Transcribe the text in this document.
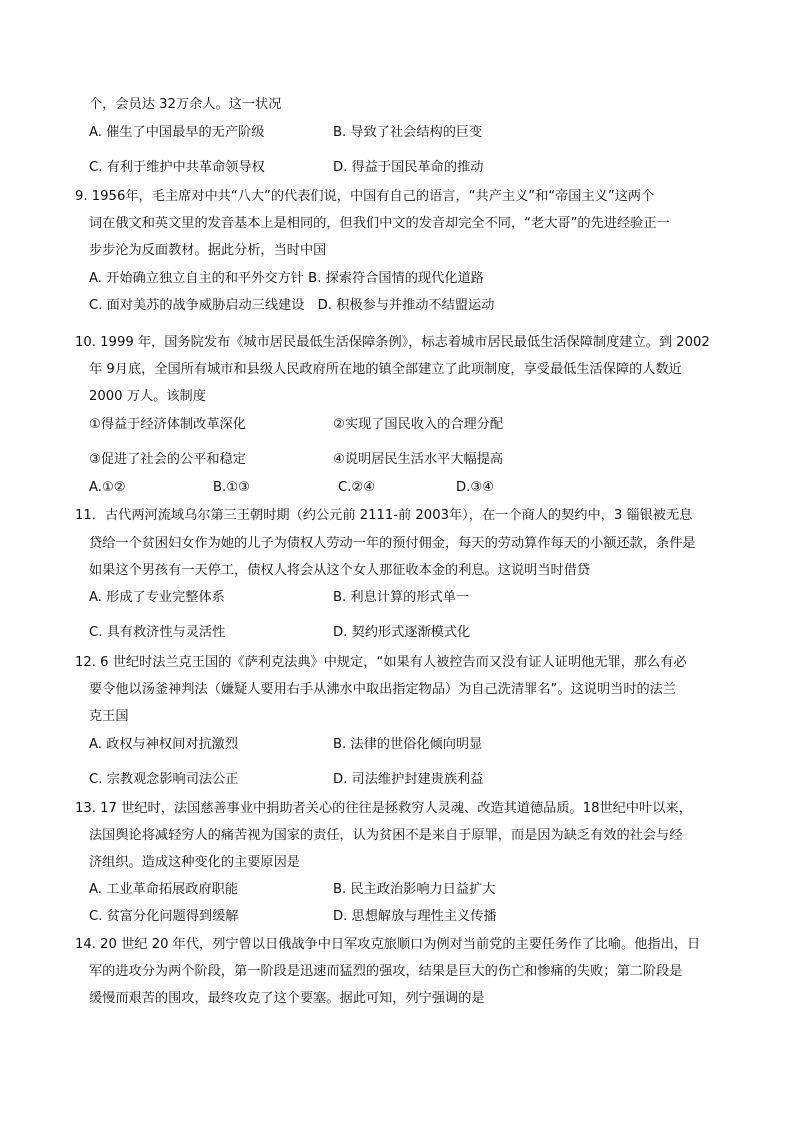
个，会员达 32万余人。这一状况
A. 催生了中国最早的无产阶级	B. 导致了社会结构的巨变
C. 有利于维护中共革命领导权	D. 得益于国民革命的推动
9. 1956年，毛主席对中共“八大”的代表们说，中国有自己的语言，“共产主义”和“帝国主义”这两个
词在俄文和英文里的发音基本上是相同的，但我们中文的发音却完全不同，“老大哥”的先进经验正一
步步沦为反面教材。据此分析，当时中国
A. 开始确立独立自主的和平外交方针 B. 探索符合国情的现代化道路
C. 面对美苏的战争威胁启动三线建设　D. 积极参与并推动不结盟运动
10. 1999 年，国务院发布《城市居民最低生活保障条例》，标志着城市居民最低生活保障制度建立。到 2002
年 9月底，全国所有城市和县级人民政府所在地的镇全部建立了此项制度，享受最低生活保障的人数近
2000 万人。该制度
①得益于经济体制改革深化	②实现了国民收入的合理分配
③促进了社会的公平和稳定	④说明居民生活水平大幅提高
A.①②	B.①③	C.②④	D.③④
11．古代两河流域乌尔第三王朝时期（约公元前 2111-前 2003年），在一个商人的契约中，3 锱银被无息
贷给一个贫困妇女作为她的儿子为债权人劳动一年的预付佣金，每天的劳动算作每天的小额还款，条件是
如果这个男孩有一天停工，债权人将会从这个女人那征收本金的利息。这说明当时借贷
A. 形成了专业完整体系	B. 利息计算的形式单一
C. 具有救济性与灵活性	D. 契约形式逐渐模式化
12. 6 世纪时法兰克王国的《萨利克法典》中规定，“如果有人被控告而又没有证人证明他无罪，那么有必
要令他以汤釜神判法（嫌疑人要用右手从沸水中取出指定物品）为自己洗清罪名”。这说明当时的法兰
克王国
A. 政权与神权间对抗激烈	B. 法律的世俗化倾向明显
C. 宗教观念影响司法公正	D. 司法维护封建贵族利益
13. 17 世纪时，法国慈善事业中捐助者关心的往往是拯救穷人灵魂、改造其道德品质。18世纪中叶以来，
法国舆论将减轻穷人的痛苦视为国家的责任，认为贫困不是来自于原罪，而是因为缺乏有效的社会与经
济组织。造成这种变化的主要原因是
A. 工业革命拓展政府职能	B. 民主政治影响力日益扩大
C. 贫富分化问题得到缓解	D. 思想解放与理性主义传播
14. 20 世纪 20 年代，列宁曾以日俄战争中日军攻克旅顺口为例对当前党的主要任务作了比喻。他指出，日
军的进攻分为两个阶段，第一阶段是迅速而猛烈的强攻，结果是巨大的伤亡和惨痛的失败；第二阶段是
缓慢而艰苦的围攻，最终攻克了这个要塞。据此可知，列宁强调的是
